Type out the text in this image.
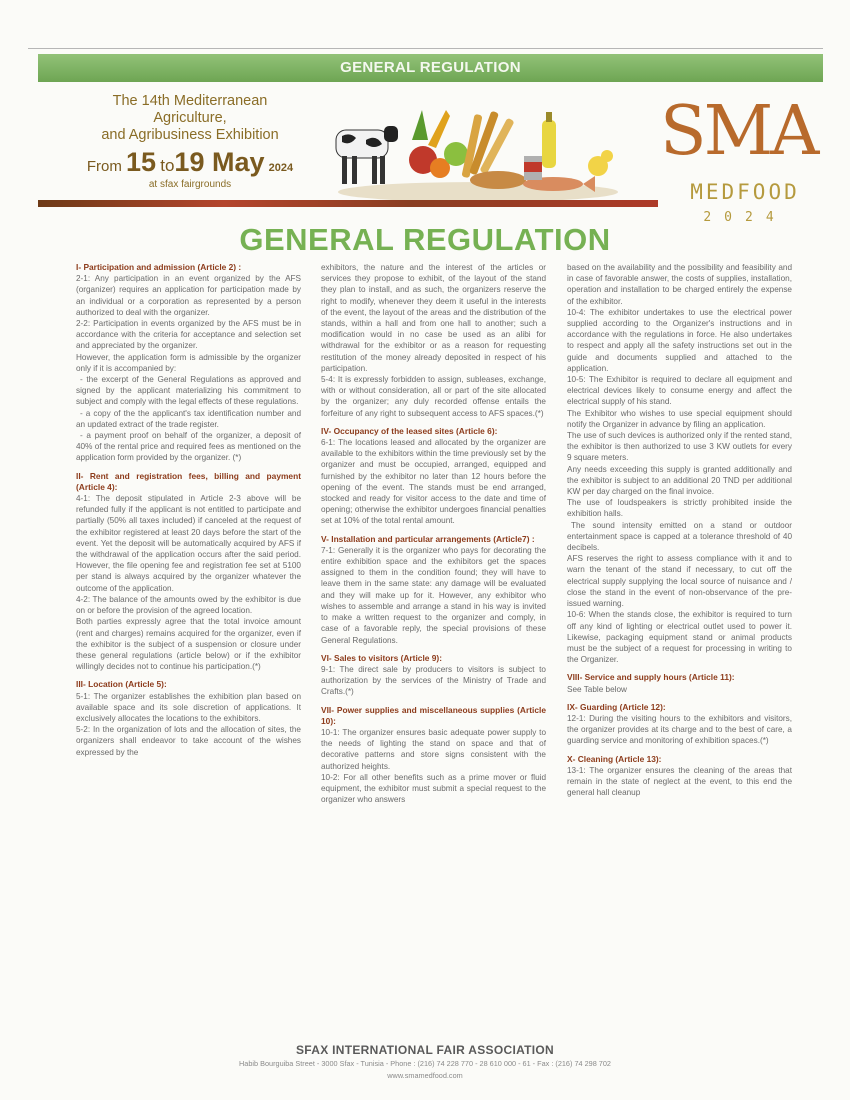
GENERAL REGULATION
The 14th Mediterranean
Agriculture,
and Agribusiness Exhibition
From 15 to19 May 2024
at sfax fairgrounds
SMA
MEDFOOD
2024
GENERAL REGULATION
I- Participation and admission (Article 2) :

2-1: Any participation in an event organized by the AFS (organizer) requires an application for participation made by an individual or a corporation as represented by a person authorized to deal with the organizer.

2-2: Participation in events organized by the AFS must be in accordance with the criteria for acceptance and selection set and appreciated by the organizer.

However, the application form is admissible by the organizer only if it is accompanied by:

- the excerpt of the General Regulations as approved and signed by the applicant materializing his commitment to subject and comply with the legal effects of these regulations.

- a copy of the the applicant's tax identification number and an updated extract of the trade register.

- a payment proof on behalf of the organizer, a deposit of 40% of the rental price and required fees as mentioned on the application form provided by the organizer. (*)

II- Rent and registration fees, billing and payment (Article 4):

4-1: The deposit stipulated in Article 2-3 above will be refunded fully if the applicant is not entitled to participate and partially (50% all taxes included) if canceled at the request of the exhibitor registered at least 20 days before the start of the event. Yet the deposit will be automatically acquired by AFS if the withdrawal of the application occurs after the said period. However, the file opening fee and registration fee set at 5100 per stand is always acquired by the organizer whatever the outcome of the application.

4-2: The balance of the amounts owed by the exhibitor is due on or before the provision of the agreed location.

Both parties expressly agree that the total invoice amount (rent and charges) remains acquired for the organizer, even if the exhibitor is the subject of a suspension or closure under these general regulations (article below) or if the exhibitor willingly decides not to continue his participation.(*)

III- Location (Article 5):

5-1: The organizer establishes the exhibition plan based on available space and its sole discretion of applications. It exclusively allocates the locations to the exhibitors.

5-2: In the organization of lots and the allocation of sites, the organizers shall endeavor to take account of the wishes expressed by the

exhibitors, the nature and the interest of the articles or services they propose to exhibit, of the layout of the stand they plan to install, and as such, the organizers reserve the right to modify, whenever they deem it useful in the interests of the event, the layout of the areas and the distribution of the stands, within a hall and from one hall to another; such a modification would in no case be used as an alibi for withdrawal for the exhibitor or as a reason for requesting restitution of the money already deposited in respect of his participation.

5-4: It is expressly forbidden to assign, subleases, exchange, with or without consideration, all or part of the site allocated by the organizer; any duly recorded offense entails the forfeiture of any right to subsequent access to AFS spaces.(*)

IV- Occupancy of the leased sites (Article 6):

6-1: The locations leased and allocated by the organizer are available to the exhibitors within the time previously set by the organizer and must be occupied, arranged, equipped and furnished by the exhibitor no later than 12 hours before the opening of the event. The stands must be end arranged, stocked and ready for visitor access to the date and time of opening; otherwise the exhibitor undergoes financial penalties set at 10% of the total rental amount.

V- Installation and particular arrangements (Article7) :

7-1: Generally it is the organizer who pays for decorating the entire exhibition space and the exhibitors get the spaces assigned to them in the condition found; they will have to leave them in the same state: any damage will be evaluated and they will make up for it. However, any exhibitor who wishes to assemble and arrange a stand in his way is invited to make a written request to the organizer and comply, in case of a favorable reply, the special provisions of these General Regulations.

VI- Sales to visitors (Article 9):

9-1: The direct sale by producers to visitors is subject to authorization by the services of the Ministry of Trade and Crafts.(*)

VII- Power supplies and miscellaneous supplies (Article 10):

10-1: The organizer ensures basic adequate power supply to the needs of lighting the stand on space and that of decorative patterns and store signs consistent with the authorized heights.

10-2: For all other benefits such as a prime mover or fluid equipment, the exhibitor must submit a special request to the organizer who answers

based on the availability and the possibility and feasibility and in case of favorable answer, the costs of supplies, installation, operation and installation to be charged entirely the expense of the exhibitor.

10-4: The exhibitor undertakes to use the electrical power supplied according to the Organizer's instructions and in accordance with the regulations in force. He also undertakes to respect and apply all the safety instructions set out in the guide and documents supplied and attached to the application.

10-5: The Exhibitor is required to declare all equipment and electrical devices likely to consume energy and affect the electrical supply of his stand.

The Exhibitor who wishes to use special equipment should notify the Organizer in advance by filing an application.

The use of such devices is authorized only if the rented stand, the exhibitor is then authorized to use 3 KW outlets for every 9 square meters.

Any needs exceeding this supply is granted additionally and the exhibitor is subject to an additional 20 TND per additional KW per day charged on the final invoice.

The use of loudspeakers is strictly prohibited inside the exhibition halls.

The sound intensity emitted on a stand or outdoor entertainment space is capped at a tolerance threshold of 40 decibels.

AFS reserves the right to assess compliance with it and to warn the tenant of the stand if necessary, to cut off the electrical supply supplying the local source of nuisance and / close the stand in the event of non-observance of the pre-issued warning.

10-6: When the stands close, the exhibitor is required to turn off any kind of lighting or electrical outlet used to power it. Likewise, packaging equipment stand or animal products must be the subject of a request for processing in writing to the Organizer.

VIII- Service and supply hours (Article 11):

See Table below

IX- Guarding (Article 12):

12-1: During the visiting hours to the exhibitors and visitors, the organizer provides at its charge and to the best of care, a guarding service and monitoring of exhibition spaces.(*)

X- Cleaning (Article 13):

13-1: The organizer ensures the cleaning of the areas that remain in the state of neglect at the event, to this end the general hall cleanup

SFAX INTERNATIONAL FAIR ASSOCIATION
Habib Bourguiba Street - 3000 Sfax - Tunisia - Phone : (216) 74 228 770 - 28 610 000 - 61 - Fax : (216) 74 298 702
www.smamedfood.com
